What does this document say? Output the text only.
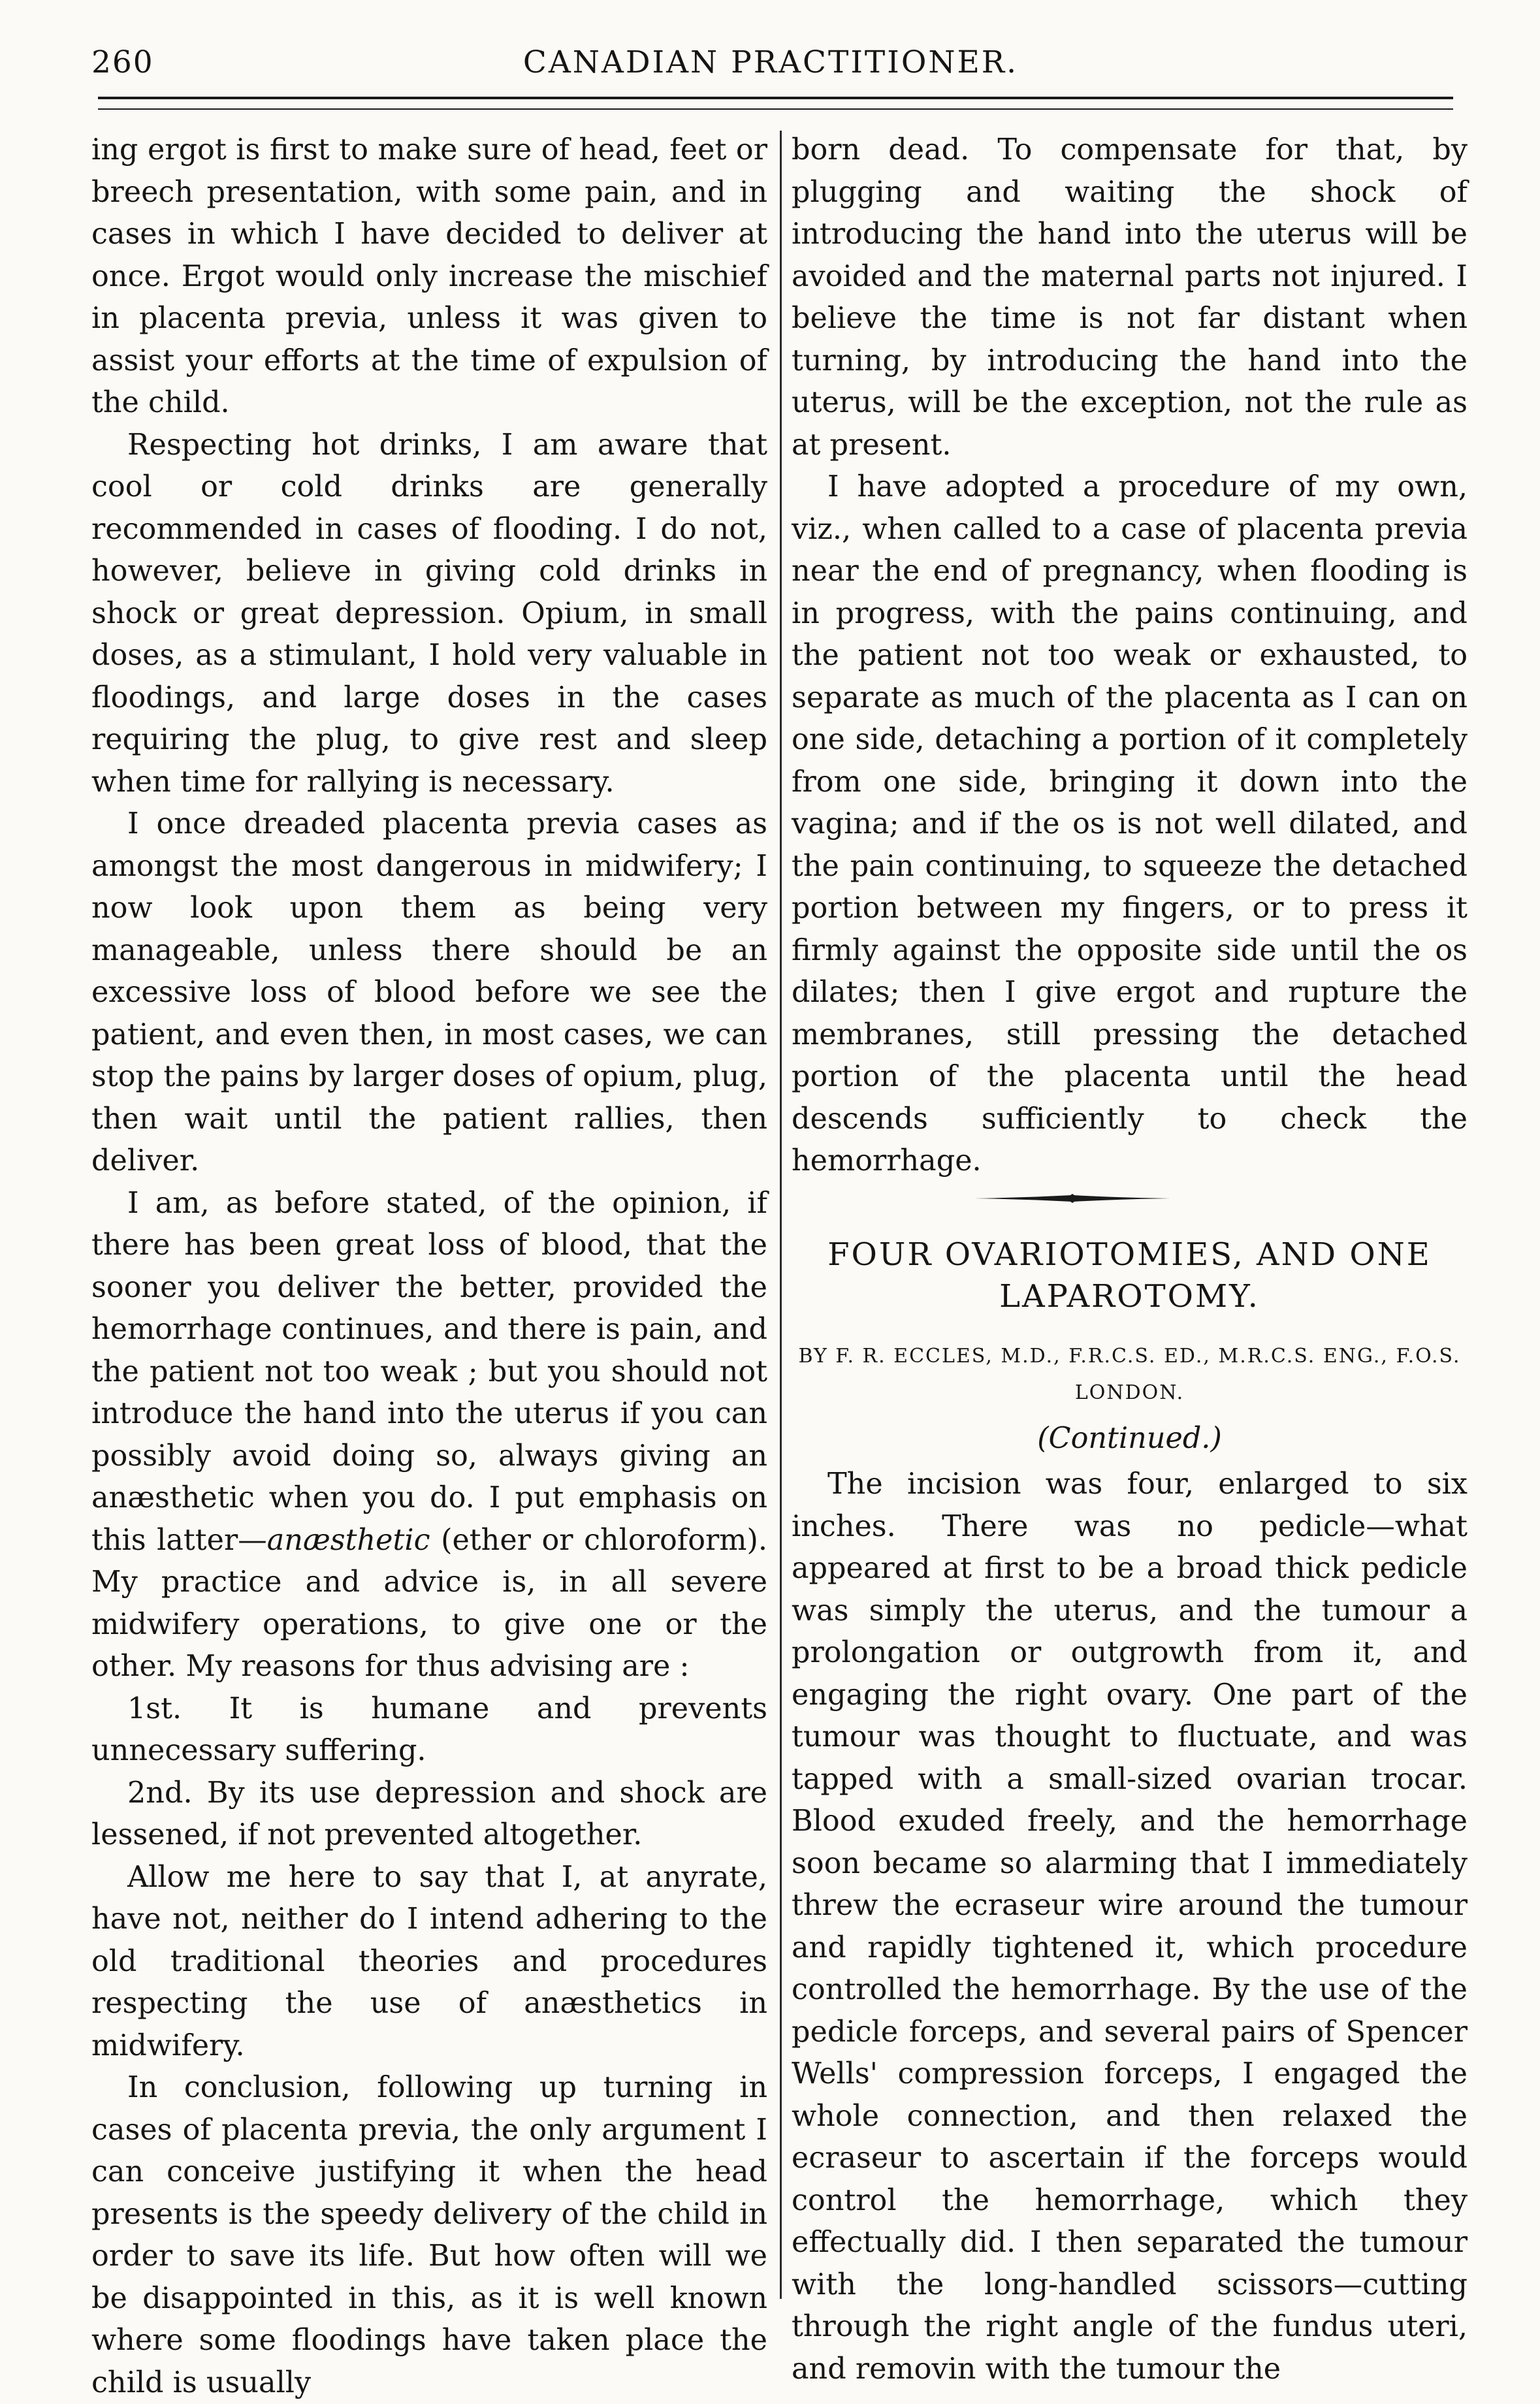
CANADIAN PRACTITIONER.
260

ing ergot is first to make sure of head, feet or breech presentation, with some pain, and in cases in which I have decided to deliver at once. Ergot would only increase the mischief in placenta previa, unless it was given to assist your efforts at the time of expulsion of the child.

Respecting hot drinks, I am aware that cool or cold drinks are generally recommended in cases of flooding. I do not, however, believe in giving cold drinks in shock or great depression. Opium, in small doses, as a stimulant, I hold very valuable in floodings, and large doses in the cases requiring the plug, to give rest and sleep when time for rallying is necessary.

I once dreaded placenta previa cases as amongst the most dangerous in midwifery; I now look upon them as being very manageable, unless there should be an excessive loss of blood before we see the patient, and even then, in most cases, we can stop the pains by larger doses of opium, plug, then wait until the patient rallies, then deliver.

I am, as before stated, of the opinion, if there has been great loss of blood, that the sooner you deliver the better, provided the hemorrhage continues, and there is pain, and the patient not too weak ; but you should not introduce the hand into the uterus if you can possibly avoid doing so, always giving an anæsthetic when you do. I put emphasis on this latter—anæsthetic (ether or chloroform). My practice and advice is, in all severe midwifery operations, to give one or the other. My reasons for thus advising are :

1st. It is humane and prevents unnecessary suffering.

2nd. By its use depression and shock are lessened, if not prevented altogether.

Allow me here to say that I, at anyrate, have not, neither do I intend adhering to the old traditional theories and procedures respecting the use of anæsthetics in midwifery.

In conclusion, following up turning in cases of placenta previa, the only argument I can conceive justifying it when the head presents is the speedy delivery of the child in order to save its life. But how often will we be disappointed in this, as it is well known where some floodings have taken place the child is usually

born dead. To compensate for that, by plugging and waiting the shock of introducing the hand into the uterus will be avoided and the maternal parts not injured. I believe the time is not far distant when turning, by introducing the hand into the uterus, will be the exception, not the rule as at present.

I have adopted a procedure of my own, viz., when called to a case of placenta previa near the end of pregnancy, when flooding is in progress, with the pains continuing, and the patient not too weak or exhausted, to separate as much of the placenta as I can on one side, detaching a portion of it completely from one side, bringing it down into the vagina; and if the os is not well dilated, and the pain continuing, to squeeze the detached portion between my fingers, or to press it firmly against the opposite side until the os dilates; then I give ergot and rupture the membranes, still pressing the detached portion of the placenta until the head descends sufficiently to check the hemorrhage.

FOUR OVARIOTOMIES, AND ONE LAPAROTOMY.

BY F. R. ECCLES, M.D., F.R.C.S. ED., M.R.C.S. ENG., F.O.S. LONDON.

(Continued.)

The incision was four, enlarged to six inches. There was no pedicle—what appeared at first to be a broad thick pedicle was simply the uterus, and the tumour a prolongation or outgrowth from it, and engaging the right ovary. One part of the tumour was thought to fluctuate, and was tapped with a small-sized ovarian trocar. Blood exuded freely, and the hemorrhage soon became so alarming that I immediately threw the ecraseur wire around the tumour and rapidly tightened it, which procedure controlled the hemorrhage. By the use of the pedicle forceps, and several pairs of Spencer Wells' compression forceps, I engaged the whole connection, and then relaxed the ecraseur to ascertain if the forceps would control the hemorrhage, which they effectually did. I then separated the tumour with the long-handled scissors—cutting through the right angle of the fundus uteri, and removin with the tumour the
